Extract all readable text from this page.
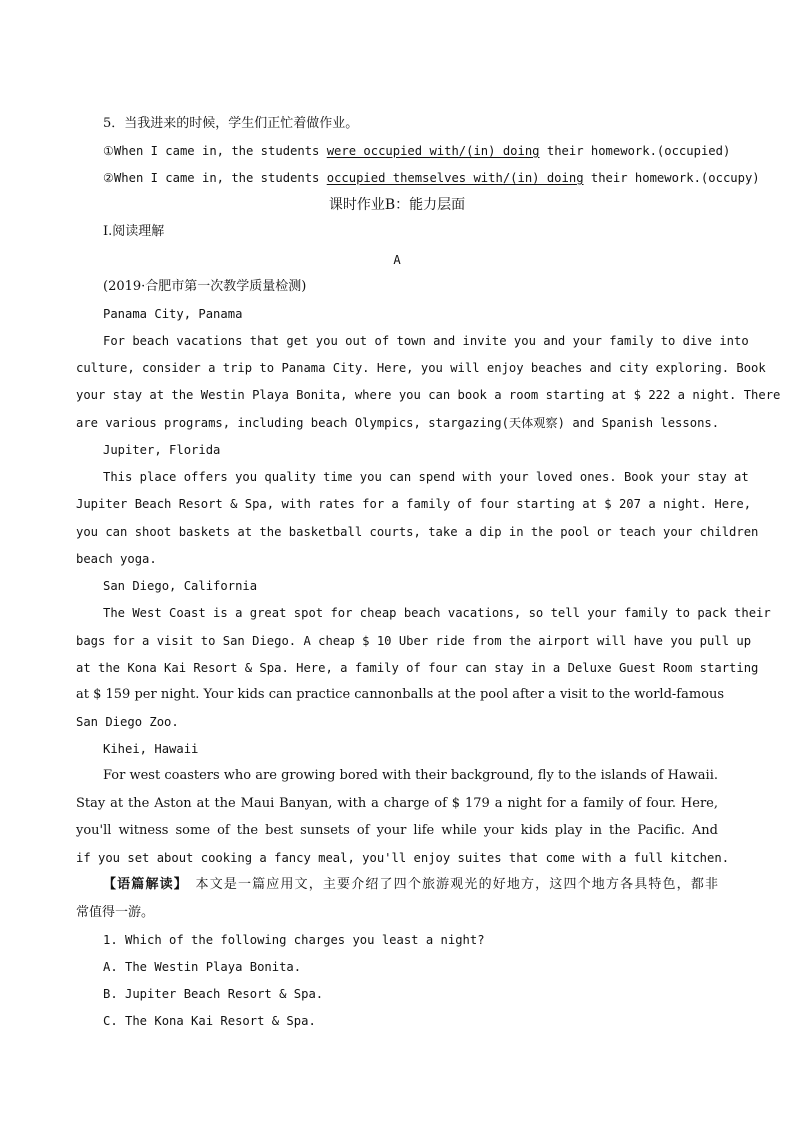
5．当我进来的时候，学生们正忙着做作业。
①When I came in, the students were occupied with/(in) doing their homework.(occupied)
②When I came in, the students occupied themselves with/(in) doing their homework.(occupy)
课时作业B：能力层面
Ⅰ.阅读理解
A
(2019·合肥市第一次教学质量检测)
Panama City, Panama
For beach vacations that get you out of town and invite you and your family to dive into
culture, consider a trip to Panama City. Here, you will enjoy beaches and city exploring. Book
your stay at the Westin Playa Bonita, where you can book a room starting at $ 222 a night. There
are various programs, including beach Olympics, stargazing(天体观察) and Spanish lessons.
Jupiter, Florida
This place offers you quality time you can spend with your loved ones. Book your stay at
Jupiter Beach Resort & Spa, with rates for a family of four starting at $ 207 a night. Here,
you can shoot baskets at the basketball courts, take a dip in the pool or teach your children
beach yoga.
San Diego, California
The West Coast is a great spot for cheap beach vacations, so tell your family to pack their
bags for a visit to San Diego. A cheap $ 10 Uber ride from the airport will have you pull up
at the Kona Kai Resort & Spa. Here, a family of four can stay in a Deluxe Guest Room starting
at $ 159 per night. Your kids can practice cannonballs at the pool after a visit to the world-famous
San Diego Zoo.
Kihei, Hawaii
For west coasters who are growing bored with their background, fly to the islands of Hawaii.
Stay at the Aston at the Maui Banyan, with a charge of $ 179 a night for a family of four. Here,
you'll witness some of the best sunsets of your life while your kids play in the Pacific. And
if you set about cooking a fancy meal, you'll enjoy suites that come with a full kitchen.
【语篇解读】　本文是一篇应用文，主要介绍了四个旅游观光的好地方，这四个地方各具特色，都非
常值得一游。
1. Which of the following charges you least a night?
A. The Westin Playa Bonita.
B. Jupiter Beach Resort & Spa.
C. The Kona Kai Resort & Spa.
